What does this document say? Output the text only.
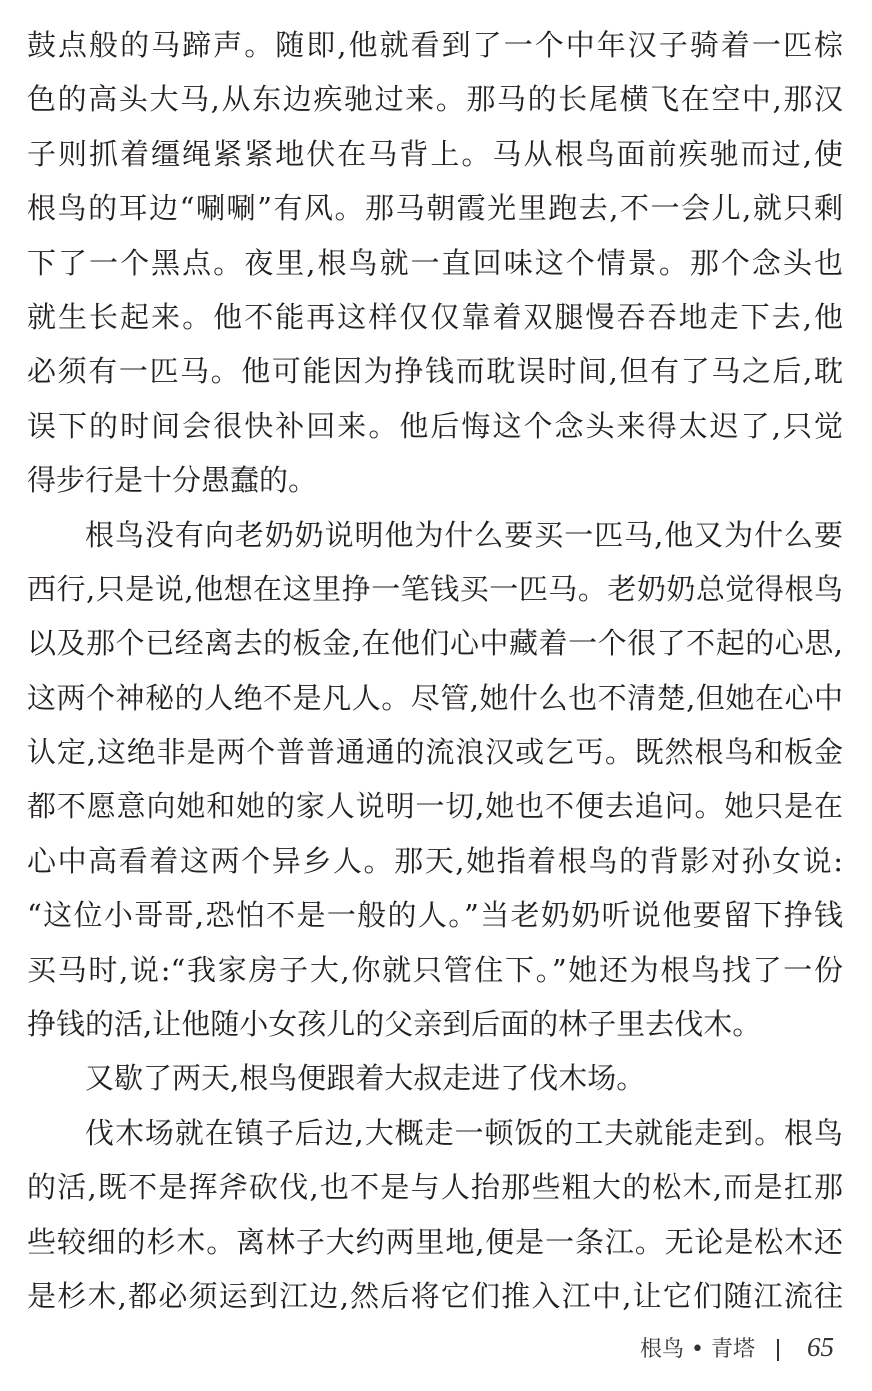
鼓点般的马蹄声。随即,他就看到了一个中年汉子骑着一匹棕
色的高头大马,从东边疾驰过来。那马的长尾横飞在空中,那汉
子则抓着缰绳紧紧地伏在马背上。马从根鸟面前疾驰而过,使
根鸟的耳边“唰唰”有风。那马朝霞光里跑去,不一会儿,就只剩
下了一个黑点。夜里,根鸟就一直回味这个情景。那个念头也
就生长起来。他不能再这样仅仅靠着双腿慢吞吞地走下去,他
必须有一匹马。他可能因为挣钱而耽误时间,但有了马之后,耽
误下的时间会很快补回来。他后悔这个念头来得太迟了,只觉
得步行是十分愚蠢的。
根鸟没有向老奶奶说明他为什么要买一匹马,他又为什么要
西行,只是说,他想在这里挣一笔钱买一匹马。老奶奶总觉得根鸟
以及那个已经离去的板金,在他们心中藏着一个很了不起的心思,
这两个神秘的人绝不是凡人。尽管,她什么也不清楚,但她在心中
认定,这绝非是两个普普通通的流浪汉或乞丐。既然根鸟和板金
都不愿意向她和她的家人说明一切,她也不便去追问。她只是在
心中高看着这两个异乡人。那天,她指着根鸟的背影对孙女说:
“这位小哥哥,恐怕不是一般的人。”当老奶奶听说他要留下挣钱
买马时,说:“我家房子大,你就只管住下。”她还为根鸟找了一份
挣钱的活,让他随小女孩儿的父亲到后面的林子里去伐木。
又歇了两天,根鸟便跟着大叔走进了伐木场。
伐木场就在镇子后边,大概走一顿饭的工夫就能走到。根鸟
的活,既不是挥斧砍伐,也不是与人抬那些粗大的松木,而是扛那
些较细的杉木。离林子大约两里地,便是一条江。无论是松木还
是杉木,都必须运到江边,然后将它们推入江中,让它们随江流往
根鸟 • 青塔 65
